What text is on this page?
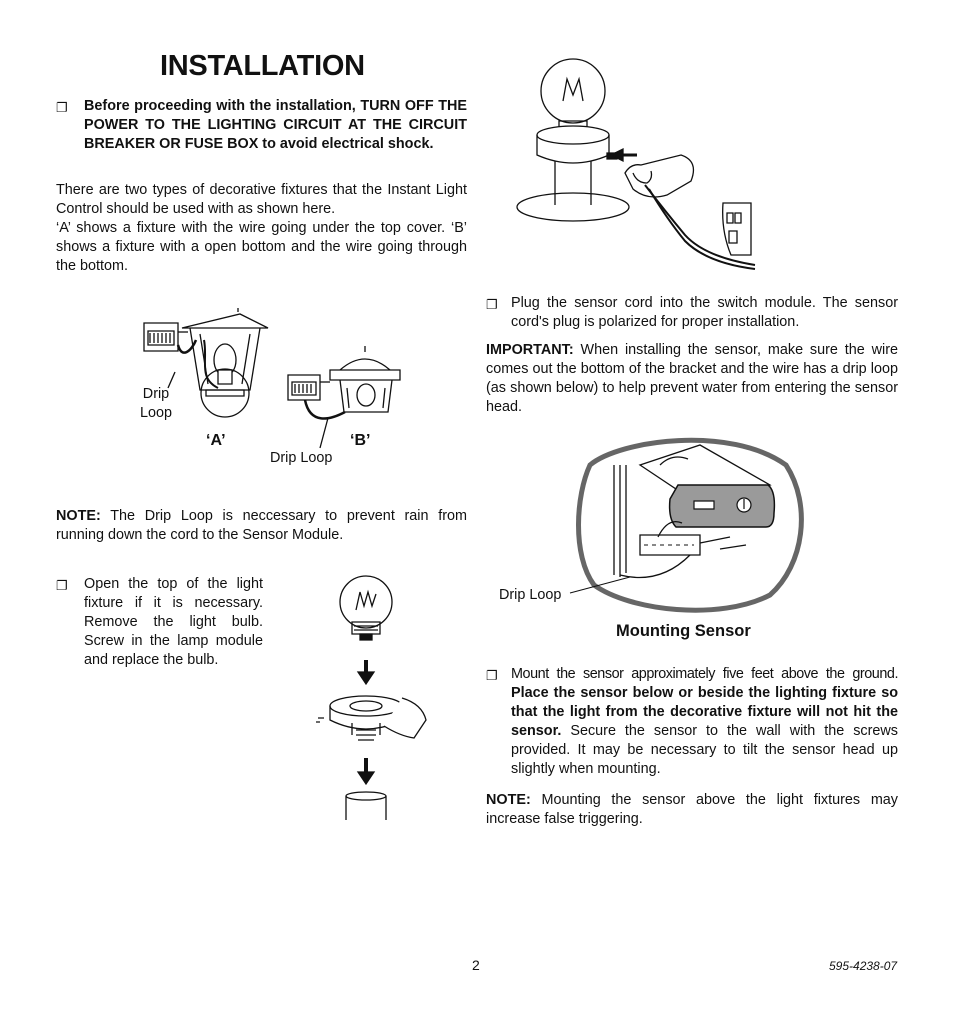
INSTALLATION
❐ Before proceeding with the installation, TURN OFF THE POWER TO THE LIGHTING CIRCUIT AT THE CIRCUIT BREAKER OR FUSE BOX to avoid electrical shock.
There are two types of decorative fixtures that the Instant Light Control should be used with as shown here.
‘A’ shows a fixture with the wire going under the top cover. ‘B’ shows a fixture with a open bottom and the wire going through the bottom.
Drip Loop
‘A’	‘B’
Drip Loop
NOTE: The Drip Loop is neccessary to prevent rain from running down the cord to the Sensor Module.
❐ Open the top of the light fixture if it is necessary. Remove the light bulb. Screw in the lamp module and replace the bulb.
❐ Plug the sensor cord into the switch module. The sensor cord's plug is polarized for proper installation.
IMPORTANT: When installing the sensor, make sure the wire comes out the bottom of the bracket and the wire has a drip loop (as shown below) to help prevent water from entering the sensor head.
Drip Loop
Mounting Sensor
❐ Mount the sensor approximately five feet above the ground. Place the sensor below or beside the lighting fixture so that the light from the decorative fixture will not hit the sensor. Secure the sensor to the wall with the screws provided. It may be necessary to tilt the sensor head up slightly when mounting.
NOTE: Mounting the sensor above the light fixtures may increase false triggering.
2	595-4238-07
